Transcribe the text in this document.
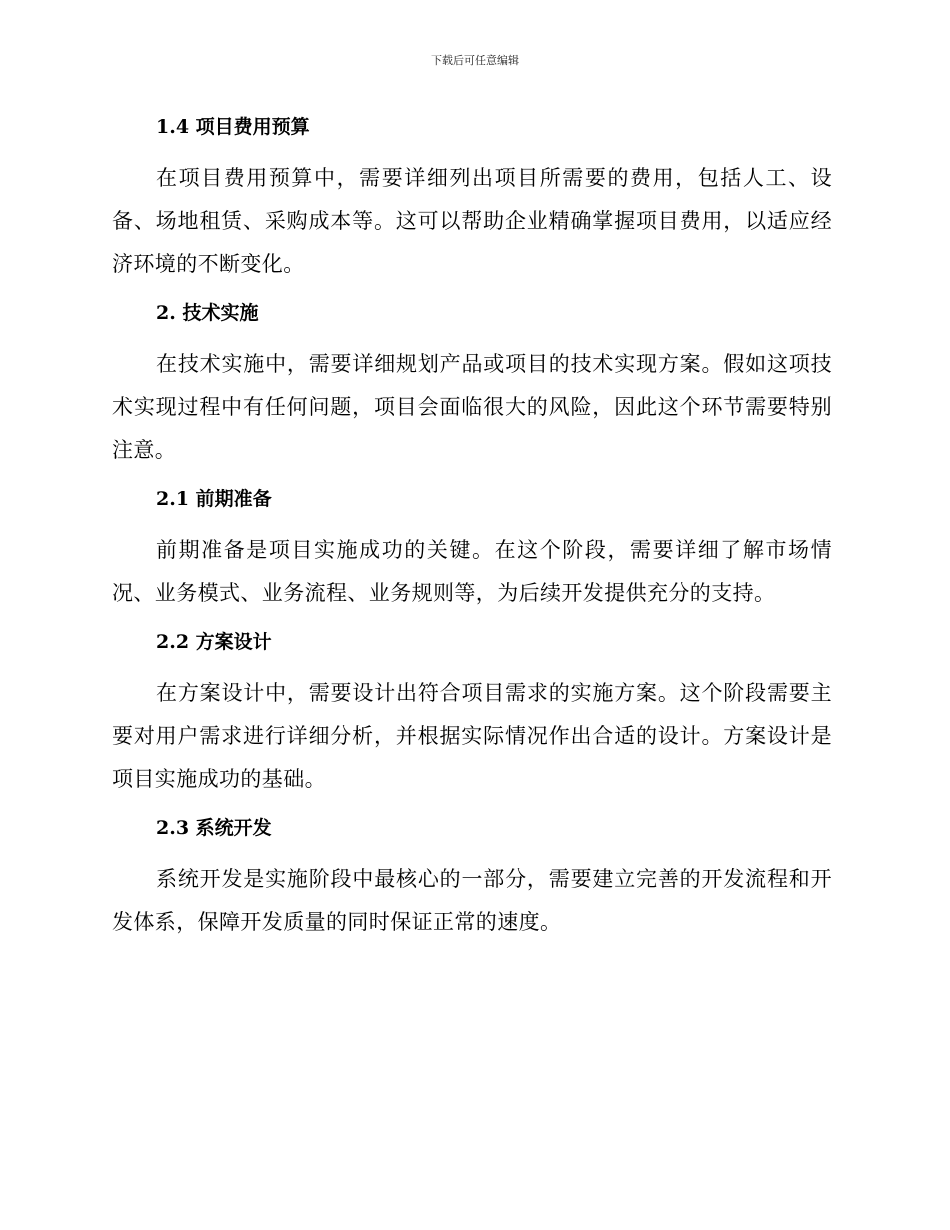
下载后可任意编辑
1.4 项目费用预算

在项目费用预算中，需要详细列出项目所需要的费用，包括人工、设备、场地租赁、采购成本等。这可以帮助企业精确掌握项目费用，以适应经济环境的不断变化。

2. 技术实施

在技术实施中，需要详细规划产品或项目的技术实现方案。假如这项技术实现过程中有任何问题，项目会面临很大的风险，因此这个环节需要特别注意。

2.1 前期准备

前期准备是项目实施成功的关键。在这个阶段，需要详细了解市场情况、业务模式、业务流程、业务规则等，为后续开发提供充分的支持。

2.2 方案设计

在方案设计中，需要设计出符合项目需求的实施方案。这个阶段需要主要对用户需求进行详细分析，并根据实际情况作出合适的设计。方案设计是项目实施成功的基础。

2.3 系统开发

系统开发是实施阶段中最核心的一部分，需要建立完善的开发流程和开发体系，保障开发质量的同时保证正常的速度。
